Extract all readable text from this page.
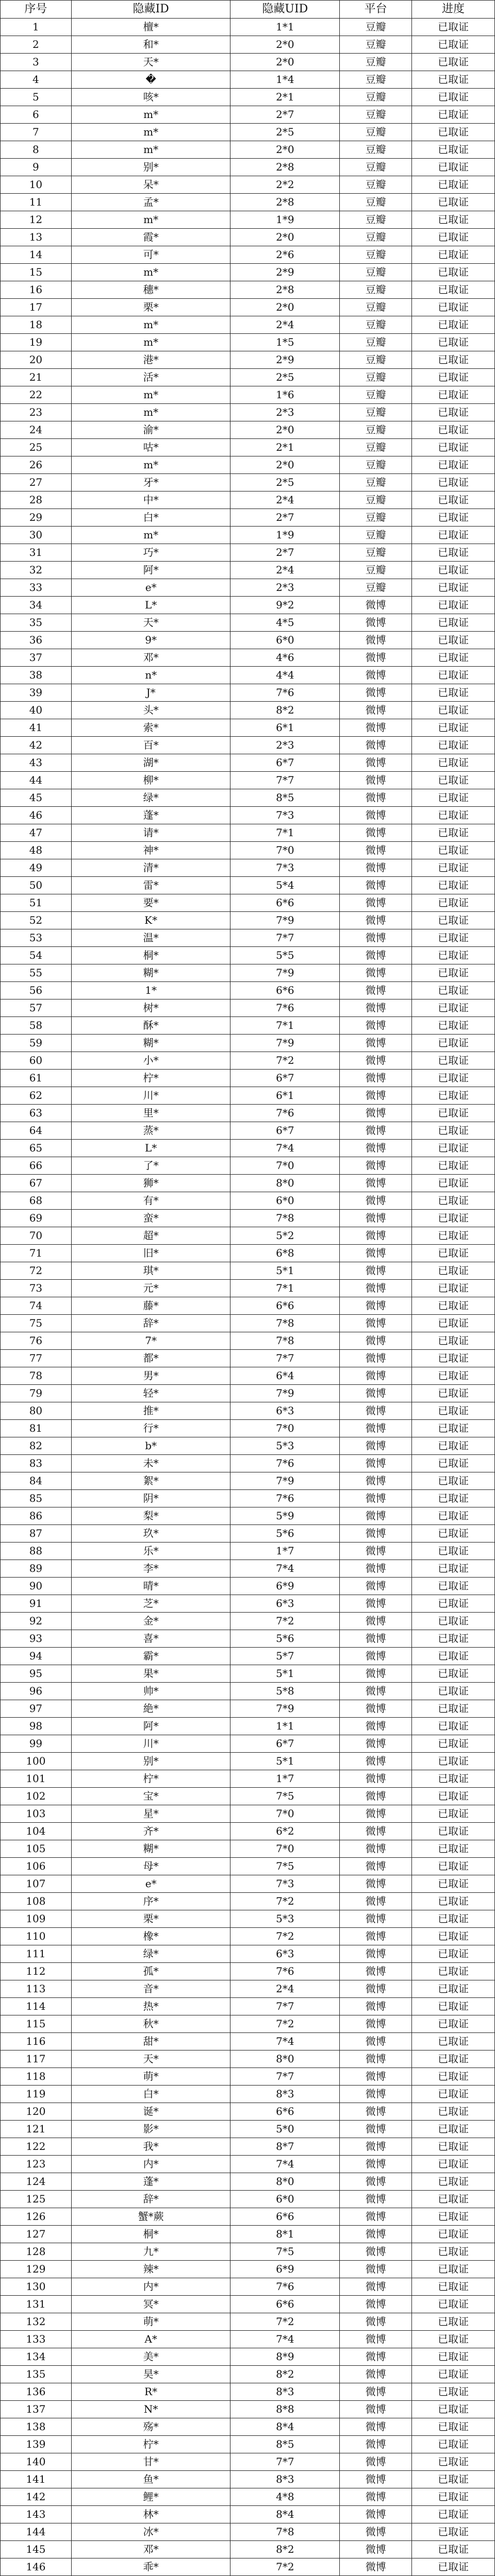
序号	隐藏ID	隐藏UID	平台	进度
1	檀*	1*1	豆瓣	已取证
2	和*	2*0	豆瓣	已取证
3	天*	2*0	豆瓣	已取证
4	�	1*4	豆瓣	已取证
5	咳*	2*1	豆瓣	已取证
6	m*	2*7	豆瓣	已取证
7	m*	2*5	豆瓣	已取证
8	m*	2*0	豆瓣	已取证
9	别*	2*8	豆瓣	已取证
10	呆*	2*2	豆瓣	已取证
11	孟*	2*8	豆瓣	已取证
12	m*	1*9	豆瓣	已取证
13	霞*	2*0	豆瓣	已取证
14	可*	2*6	豆瓣	已取证
15	m*	2*9	豆瓣	已取证
16	穗*	2*8	豆瓣	已取证
17	栗*	2*0	豆瓣	已取证
18	m*	2*4	豆瓣	已取证
19	m*	1*5	豆瓣	已取证
20	港*	2*9	豆瓣	已取证
21	活*	2*5	豆瓣	已取证
22	m*	1*6	豆瓣	已取证
23	m*	2*3	豆瓣	已取证
24	渝*	2*0	豆瓣	已取证
25	咕*	2*1	豆瓣	已取证
26	m*	2*0	豆瓣	已取证
27	牙*	2*5	豆瓣	已取证
28	中*	2*4	豆瓣	已取证
29	白*	2*7	豆瓣	已取证
30	m*	1*9	豆瓣	已取证
31	巧*	2*7	豆瓣	已取证
32	阿*	2*4	豆瓣	已取证
33	e*	2*3	豆瓣	已取证
34	L*	9*2	微博	已取证
35	天*	4*5	微博	已取证
36	9*	6*0	微博	已取证
37	邓*	4*6	微博	已取证
38	n*	4*4	微博	已取证
39	J*	7*6	微博	已取证
40	头*	8*2	微博	已取证
41	索*	6*1	微博	已取证
42	百*	2*3	微博	已取证
43	湖*	6*7	微博	已取证
44	柳*	7*7	微博	已取证
45	绿*	8*5	微博	已取证
46	蓬*	7*3	微博	已取证
47	请*	7*1	微博	已取证
48	神*	7*0	微博	已取证
49	清*	7*3	微博	已取证
50	雷*	5*4	微博	已取证
51	要*	6*6	微博	已取证
52	K*	7*9	微博	已取证
53	温*	7*7	微博	已取证
54	桐*	5*5	微博	已取证
55	糊*	7*9	微博	已取证
56	1*	6*6	微博	已取证
57	树*	7*6	微博	已取证
58	酥*	7*1	微博	已取证
59	糊*	7*9	微博	已取证
60	小*	7*2	微博	已取证
61	柠*	6*7	微博	已取证
62	川*	6*1	微博	已取证
63	里*	7*6	微博	已取证
64	蒸*	6*7	微博	已取证
65	L*	7*4	微博	已取证
66	了*	7*0	微博	已取证
67	狮*	8*0	微博	已取证
68	有*	6*0	微博	已取证
69	蛮*	7*8	微博	已取证
70	超*	5*2	微博	已取证
71	旧*	6*8	微博	已取证
72	琪*	5*1	微博	已取证
73	元*	7*1	微博	已取证
74	藤*	6*6	微博	已取证
75	辞*	7*8	微博	已取证
76	7*	7*8	微博	已取证
77	都*	7*7	微博	已取证
78	男*	6*4	微博	已取证
79	轻*	7*9	微博	已取证
80	推*	6*3	微博	已取证
81	行*	7*0	微博	已取证
82	b*	5*3	微博	已取证
83	未*	7*6	微博	已取证
84	絮*	7*9	微博	已取证
85	阴*	7*6	微博	已取证
86	梨*	5*9	微博	已取证
87	玖*	5*6	微博	已取证
88	乐*	1*7	微博	已取证
89	李*	7*4	微博	已取证
90	晴*	6*9	微博	已取证
91	芝*	6*3	微博	已取证
92	金*	7*2	微博	已取证
93	喜*	5*6	微博	已取证
94	霸*	5*7	微博	已取证
95	果*	5*1	微博	已取证
96	帅*	5*8	微博	已取证
97	絶*	7*9	微博	已取证
98	阿*	1*1	微博	已取证
99	川*	6*7	微博	已取证
100	别*	5*1	微博	已取证
101	柠*	1*7	微博	已取证
102	宝*	7*5	微博	已取证
103	星*	7*0	微博	已取证
104	齐*	6*2	微博	已取证
105	糊*	7*0	微博	已取证
106	母*	7*5	微博	已取证
107	e*	7*3	微博	已取证
108	序*	7*2	微博	已取证
109	栗*	5*3	微博	已取证
110	橡*	7*2	微博	已取证
111	绿*	6*3	微博	已取证
112	孤*	7*6	微博	已取证
113	音*	2*4	微博	已取证
114	热*	7*7	微博	已取证
115	秋*	7*2	微博	已取证
116	甜*	7*4	微博	已取证
117	天*	8*0	微博	已取证
118	萌*	7*7	微博	已取证
119	白*	8*3	微博	已取证
120	诞*	6*6	微博	已取证
121	影*	5*0	微博	已取证
122	我*	8*7	微博	已取证
123	内*	7*4	微博	已取证
124	蓬*	8*0	微博	已取证
125	辞*	6*0	微博	已取证
126	蟹*蕨	6*6	微博	已取证
127	桐*	8*1	微博	已取证
128	九*	7*5	微博	已取证
129	辣*	6*9	微博	已取证
130	内*	7*6	微博	已取证
131	冥*	6*6	微博	已取证
132	萌*	7*2	微博	已取证
133	A*	7*4	微博	已取证
134	美*	8*9	微博	已取证
135	昊*	8*2	微博	已取证
136	R*	8*3	微博	已取证
137	N*	8*8	微博	已取证
138	殇*	8*4	微博	已取证
139	柠*	8*5	微博	已取证
140	甘*	7*7	微博	已取证
141	鱼*	8*3	微博	已取证
142	鲤*	4*8	微博	已取证
143	林*	8*4	微博	已取证
144	冰*	7*8	微博	已取证
145	邓*	8*2	微博	已取证
146	乖*	7*2	微博	已取证
